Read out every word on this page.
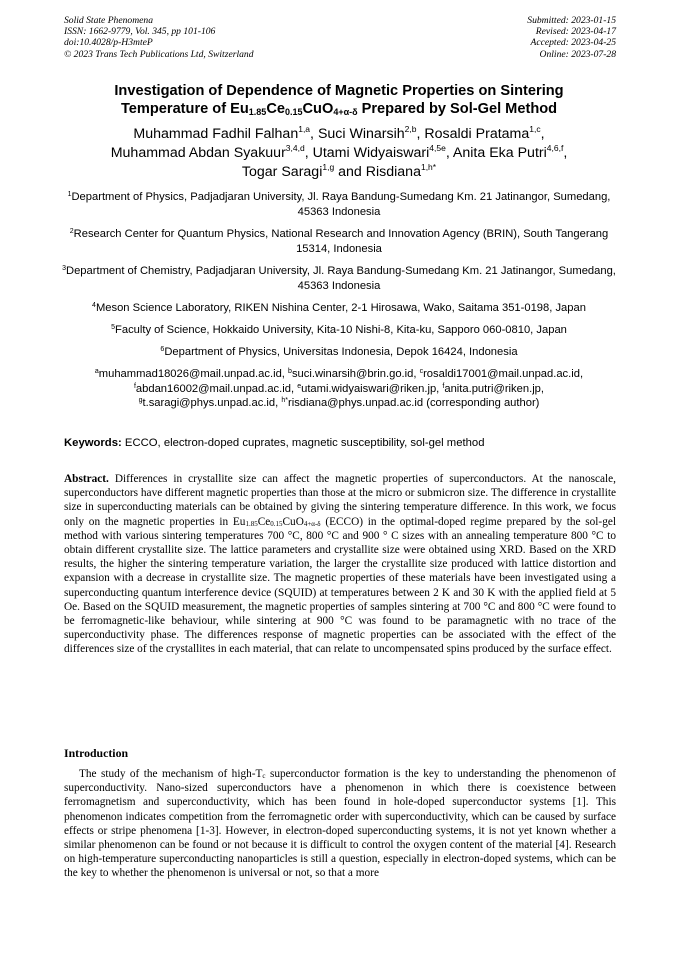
Solid State Phenomena
ISSN: 1662-9779, Vol. 345, pp 101-106
doi:10.4028/p-H3mteP
© 2023 Trans Tech Publications Ltd, Switzerland
Submitted: 2023-01-15
Revised: 2023-04-17
Accepted: 2023-04-25
Online: 2023-07-28
Investigation of Dependence of Magnetic Properties on Sintering
Temperature of $Eu_{1.85}Ce_{0.15}CuO_{4+\alpha-\delta}$ Prepared by Sol-Gel Method
Muhammad Fadhil Falhan$^{1,a}$, Suci Winarsih$^{2,b}$, Rosaldi Pratama$^{1,c}$,
Muhammad Abdan Syakuur$^{3,4,d}$, Utami Widyaiswari$^{4,5e}$, Anita Eka Putri$^{4,6,f}$,
Togar Saragi$^{1,g}$ and Risdiana$^{1,h*}$
$^1$Department of Physics, Padjadjaran University, Jl. Raya Bandung-Sumedang Km. 21 Jatinangor, Sumedang, 45363 Indonesia
$^2$Research Center for Quantum Physics, National Research and Innovation Agency (BRIN), South Tangerang 15314, Indonesia
$^3$Department of Chemistry, Padjadjaran University, Jl. Raya Bandung-Sumedang Km. 21 Jatinangor, Sumedang, 45363 Indonesia
$^4$Meson Science Laboratory, RIKEN Nishina Center, 2-1 Hirosawa, Wako, Saitama 351-0198, Japan
$^5$Faculty of Science, Hokkaido University, Kita-10 Nishi-8, Kita-ku, Sapporo 060-0810, Japan
$^6$Department of Physics, Universitas Indonesia, Depok 16424, Indonesia
$^a$muhammad18026@mail.unpad.ac.id, $^b$suci.winarsih@brin.go.id, $^c$rosaldi17001@mail.unpad.ac.id,
$^f$abdan16002@mail.unpad.ac.id, $^e$utami.widyaiswari@riken.jp, $^f$anita.putri@riken.jp,
$^g$t.saragi@phys.unpad.ac.id, $^{h*}$risdiana@phys.unpad.ac.id (corresponding author)
Keywords: ECCO, electron-doped cuprates, magnetic susceptibility, sol-gel method
Abstract. Differences in crystallite size can affect the magnetic properties of superconductors. At the nanoscale, superconductors have different magnetic properties than those at the micro or submicron size. The difference in crystallite size in superconducting materials can be obtained by giving the sintering temperature difference. In this work, we focus only on the magnetic properties in $Eu_{1.85}Ce_{0.15}CuO_{4+\alpha-\delta}$ (ECCO) in the optimal-doped regime prepared by the sol-gel method with various sintering temperatures 700 °C, 800 °C and 900 ° C sizes with an annealing temperature 800 °C to obtain different crystallite size. The lattice parameters and crystallite size were obtained using XRD. Based on the XRD results, the higher the sintering temperature variation, the larger the crystallite size produced with lattice distortion and expansion with a decrease in crystallite size. The magnetic properties of these materials have been investigated using a superconducting quantum interference device (SQUID) at temperatures between 2 K and 30 K with the applied field at 5 Oe. Based on the SQUID measurement, the magnetic properties of samples sintering at 700 °C and 800 °C were found to be ferromagnetic-like behaviour, while sintering at 900 °C was found to be paramagnetic with no trace of the superconductivity phase. The differences response of magnetic properties can be associated with the effect of the differences size of the crystallites in each material, that can relate to uncompensated spins produced by the surface effect.
Introduction
The study of the mechanism of high-$T_c$ superconductor formation is the key to understanding the phenomenon of superconductivity. Nano-sized superconductors have a phenomenon in which there is coexistence between ferromagnetism and superconductivity, which has been found in hole-doped superconductor systems [1]. This phenomenon indicates competition from the ferromagnetic order with superconductivity, which can be caused by surface effects or stripe phenomena [1-3]. However, in electron-doped superconducting systems, it is not yet known whether a similar phenomenon can be found or not because it is difficult to control the oxygen content of the material [4]. Research on high-temperature superconducting nanoparticles is still a question, especially in electron-doped systems, which can be the key to whether the phenomenon is universal or not, so that a more
